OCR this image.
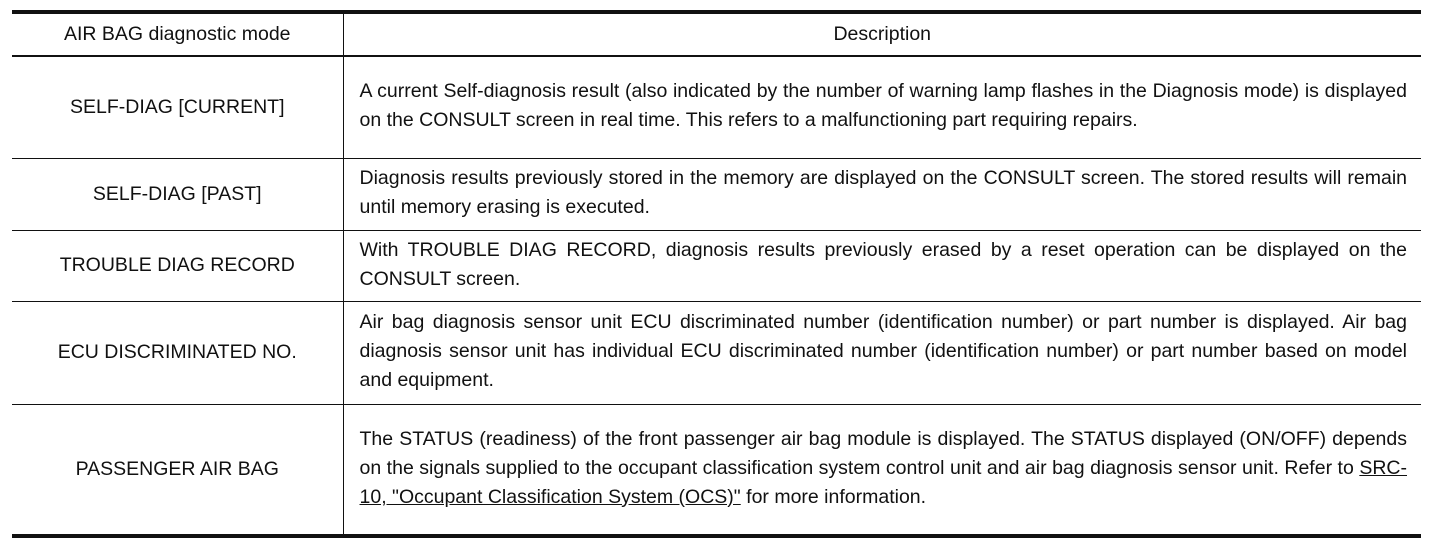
AIR BAG diagnostic mode	Description
SELF-DIAG [CURRENT]	A current Self-diagnosis result (also indicated by the number of warning lamp flashes in the Diagnosis mode) is displayed on the CONSULT screen in real time. This refers to a malfunctioning part requiring repairs.

SELF-DIAG [PAST]	Diagnosis results previously stored in the memory are displayed on the CONSULT screen. The stored results will remain until memory erasing is executed.

TROUBLE DIAG RECORD	With TROUBLE DIAG RECORD, diagnosis results previously erased by a reset operation can be displayed on the CONSULT screen.

ECU DISCRIMINATED NO.	Air bag diagnosis sensor unit ECU discriminated number (identification number) or part number is displayed. Air bag diagnosis sensor unit has individual ECU discriminated number (identification number) or part number based on model and equipment.

PASSENGER AIR BAG	The STATUS (readiness) of the front passenger air bag module is displayed. The STATUS displayed (ON/OFF) depends on the signals supplied to the occupant classification system control unit and air bag diagnosis sensor unit. Refer to SRC-10, "Occupant Classification System (OCS)" for more information.
